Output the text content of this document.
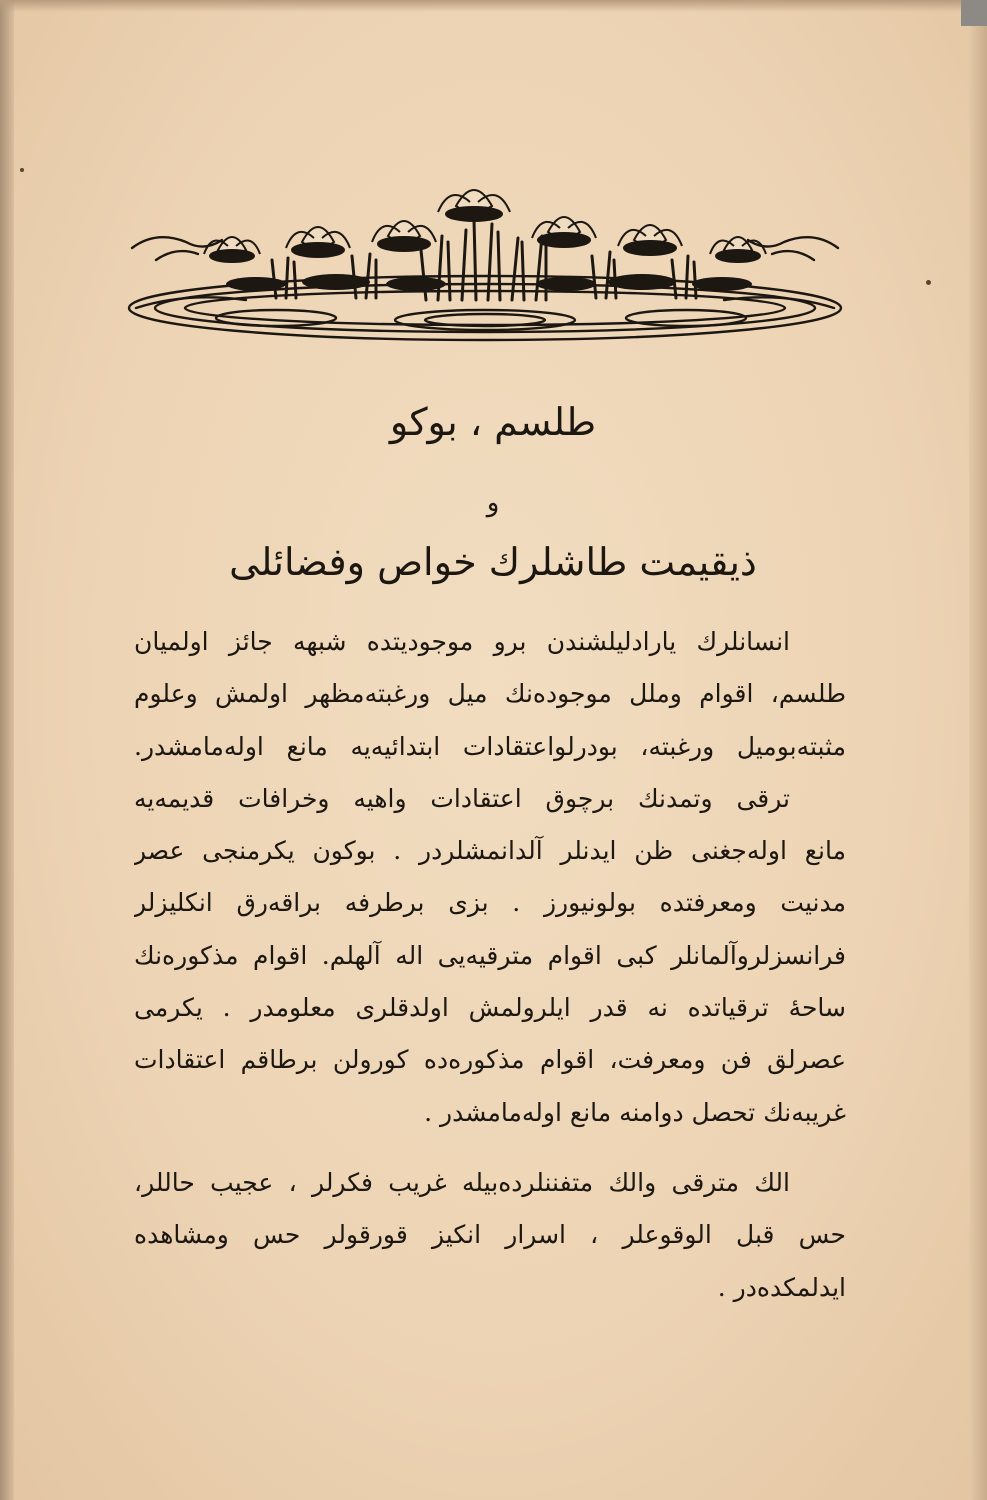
طلسم ، بوكو
و
ذيقيمت طاشلرك خواص وفضائلى
انسانلرك يارادليلشندن برو موجوديتده شبهه جائز اولميان
طلسم، اقوام وملل موجوده‌نك ميل ورغبته‌مظهر اولمش وعلوم
مثبته‌بوميل ورغبته، بودرلواعتقادات ابتدائيه‌يه مانع اوله‌مامشدر.
ترقى وتمدنك برچوق اعتقادات واهيه وخرافات قديمه‌يه
مانع اوله‌جغنى ظن ايدنلر آلدانمشلردر . بوكون يكرمنجى عصر
مدنيت ومعرفتده بولونيورز . بزى برطرفه براقه‌رق انكليزلر
فرانسزلروآلمانلر كبى اقوام مترقيه‌يى اله آلهلم. اقوام مذكوره‌نك
ساحۀ ترقياتده نه قدر ايلرولمش اولدقلرى معلومدر . يكرمى
عصرلق فن ومعرفت، اقوام مذكوره‌ده كورولن برطاقم اعتقادات
غريبه‌نك تحصل دوامنه مانع اوله‌مامشدر .
الك مترقى والك متفننلرده‌بيله غريب فكرلر ، عجيب حاللر،
حس قبل الوقوعلر ، اسرار انكيز قورقولر حس ومشاهده
ايدلمكده‌در .
